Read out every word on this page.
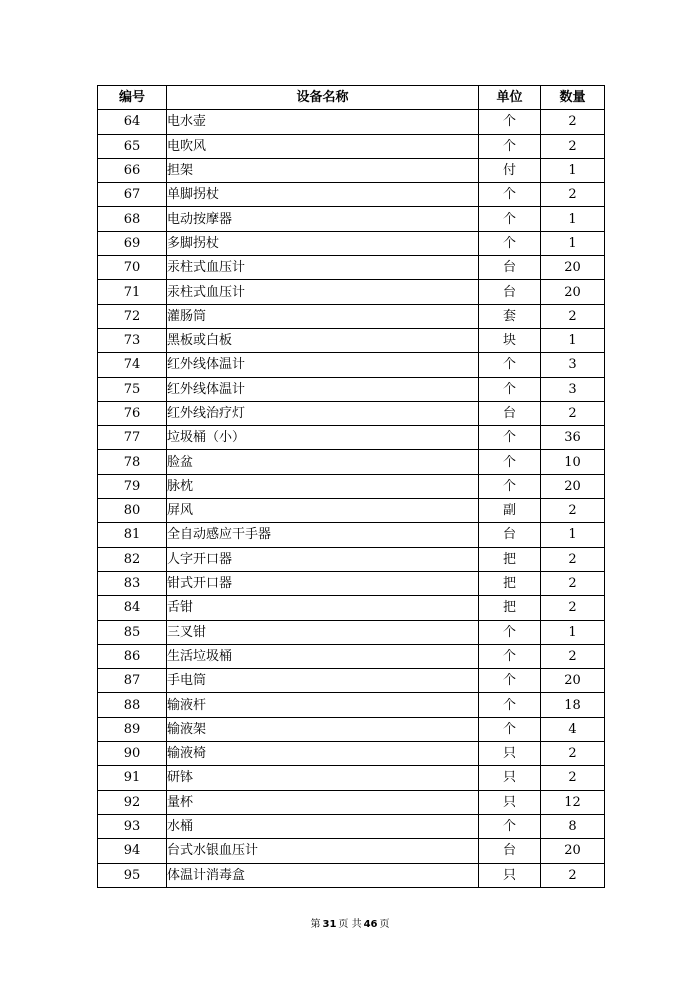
编号	设备名称	单位	数量
64	电水壶	个	2
65	电吹风	个	2
66	担架	付	1
67	单脚拐杖	个	2
68	电动按摩器	个	1
69	多脚拐杖	个	1
70	汞柱式血压计	台	20
71	汞柱式血压计	台	20
72	灌肠筒	套	2
73	黑板或白板	块	1
74	红外线体温计	个	3
75	红外线体温计	个	3
76	红外线治疗灯	台	2
77	垃圾桶（小）	个	36
78	脸盆	个	10
79	脉枕	个	20
80	屏风	副	2
81	全自动感应干手器	台	1
82	人字开口器	把	2
83	钳式开口器	把	2
84	舌钳	把	2
85	三叉钳	个	1
86	生活垃圾桶	个	2
87	手电筒	个	20
88	输液杆	个	18
89	输液架	个	4
90	输液椅	只	2
91	研钵	只	2
92	量杯	只	12
93	水桶	个	8
94	台式水银血压计	台	20
95	体温计消毒盒	只	2
第 31 页 共 46 页
